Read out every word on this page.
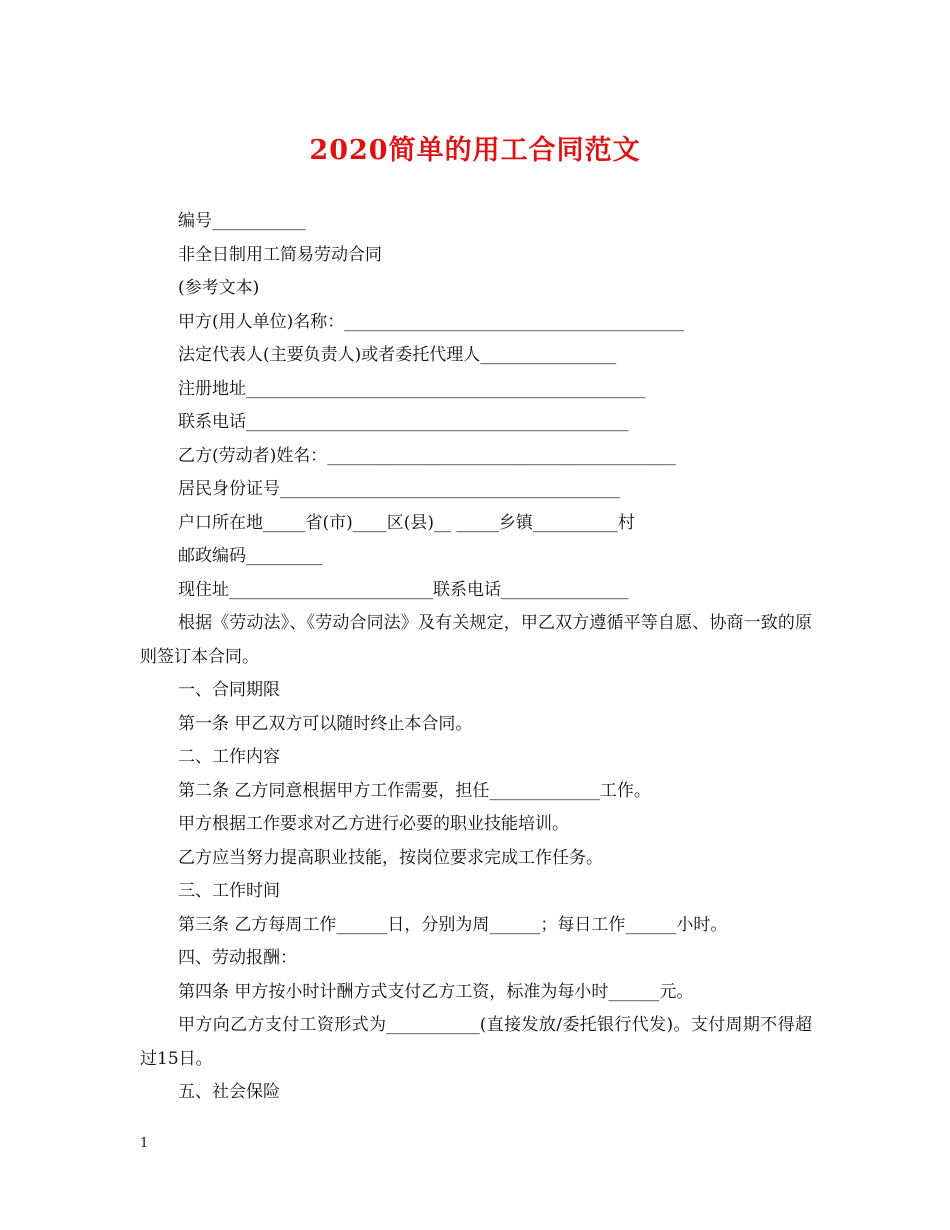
2020简单的用工合同范文

编号___________

非全日制用工简易劳动合同

(参考文本)

甲方(用人单位)名称：________________________________________

法定代表人(主要负责人)或者委托代理人________________

注册地址_______________________________________________

联系电话_____________________________________________

乙方(劳动者)姓名：_________________________________________

居民身份证号________________________________________

户口所在地_____省(市)____区(县)__ _____乡镇__________村

邮政编码_________

现住址________________________联系电话_______________

根据《劳动法》、《劳动合同法》及有关规定，甲乙双方遵循平等自愿、协商一致的原则签订本合同。

一、合同期限

第一条 甲乙双方可以随时终止本合同。

二、工作内容

第二条 乙方同意根据甲方工作需要，担任_____________工作。

甲方根据工作要求对乙方进行必要的职业技能培训。

乙方应当努力提高职业技能，按岗位要求完成工作任务。

三、工作时间

第三条 乙方每周工作______日，分别为周______；每日工作______小时。

四、劳动报酬：

第四条 甲方按小时计酬方式支付乙方工资，标准为每小时______元。

甲方向乙方支付工资形式为___________(直接发放/委托银行代发)。支付周期不得超过15日。

五、社会保险

1
